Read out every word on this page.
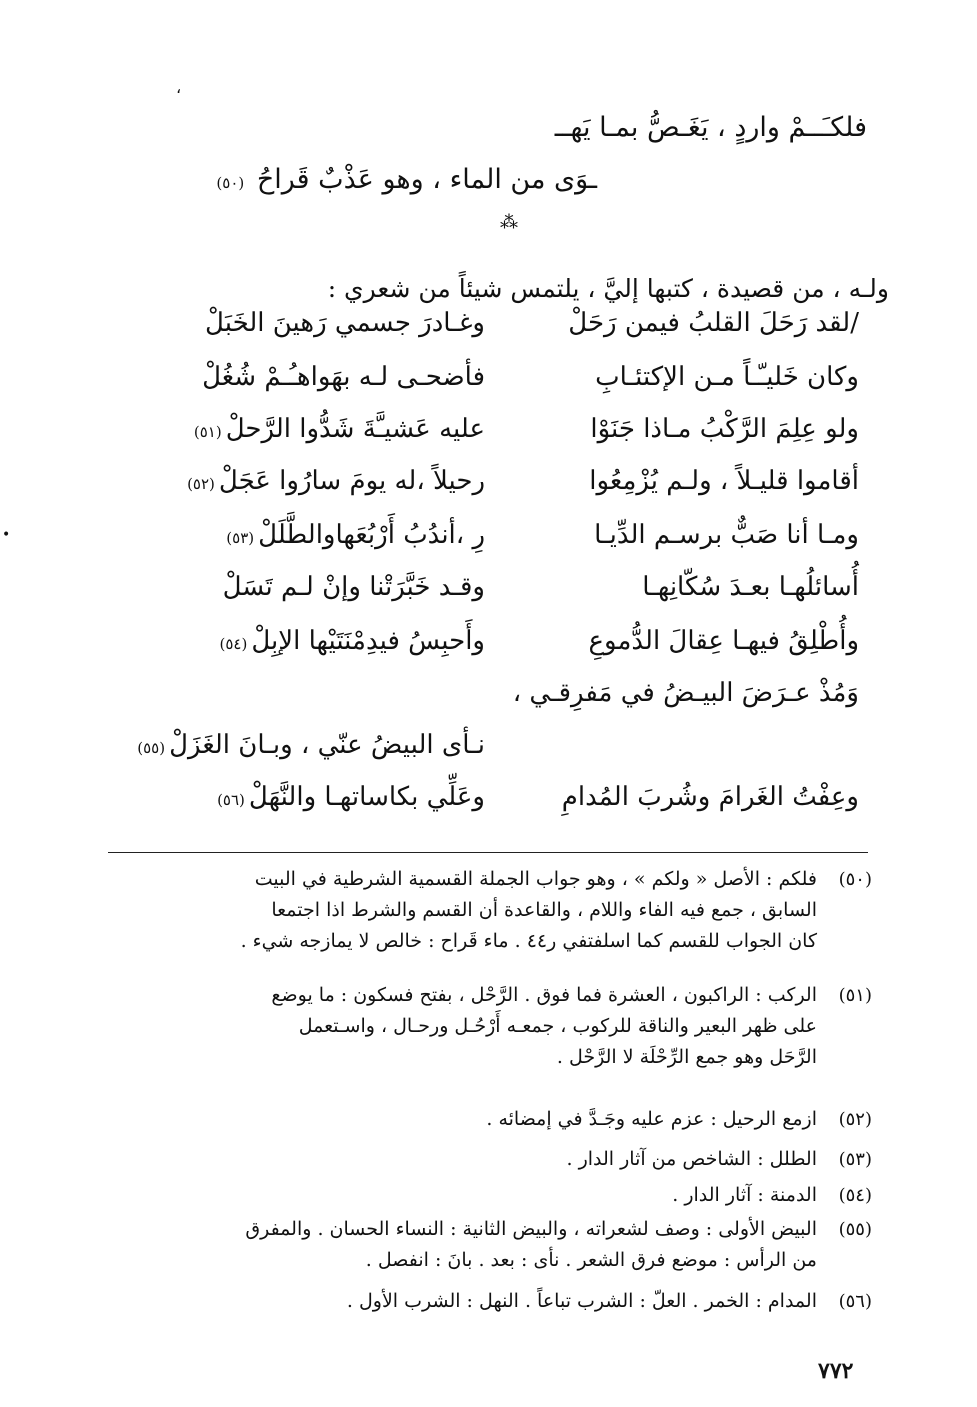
،
فلكـَــمْ واردٍ ، يَغَـصُّ بمـا يَهــ
ـوَى من الماء ، وهو عَذْبٌ قَراحُ (٥٠)
⁂
ولـه ، من قصيدة ، كتبها إليَّ ، يلتمس شيئاً من شعري :
/لقد رَحَلَ القلبُ فيمن رَحَلْ
وغـادرَ جسمي رَهينَ الخَبَلْ
وكان خَليـّـاً مـن الإكتئـابِ
فأضحـى لـه بهَواهـُـمْ شُغُلْ
ولو عِلِمَ الرَّكْبُ مـاذا جَنَوْا
عليه عَشيـَّةَ شَدُّوا الرَّحلْ(٥١)
أقاموا قليـلاً ، ولـم يُزْمِعُوا
رحيلاً ،له يومَ سارُوا عَجَلْ(٥٢)
ومـا أنا صَبٌّ برسـم الدِّيـا
رِ ،أندُبُ أَرْبُعَهاوالطَّلَلْ(٥٣)
أُسائلُهـا بعـدَ سُكّانِهـا
وقـد خَبَّرَتْنا وإنْ لـم تَسَلْ
وأُطْلِقُ فيهـا عِقالَ الدُّموعِ
وأَحبِسُ فيدِمْنَتَيْها الإبِلْ(٥٤)
وَمُذْ عـرَضَ البيـضُ في مَفرِقـي ،
نـأى البيضُ عنّي ، وبـانَ الغَزَلْ(٥٥)
وعِفْتُ الغَرامَ وشُربَ المُدامِ
وعَلِّي بكاساتهـا والنَّهَلْ(٥٦)
(٥٠)
فلكم : الأصل « ولكم » ، وهو جواب الجملة القسمية الشرطية في البيت
السابق ، جمع فيه الفاء واللام ، والقاعدة أن القسم والشرط اذا اجتمعا
كان الجواب للقسم كما اسلفتفي ر٤٤ . ماء قَراح : خالص لا يمازجه شيء .
(٥١)
الركب : الراكبون ، العشرة فما فوق . الرَّحْل ، بفتح فسكون : ما يوضع
على ظهر البعير والناقة للركوب ، جمعـه أَرْحُـل ورحـال ، واسـتعمل
الرَّحَل وهو جمع الرِّحْلَة لا الرَّحْل .
(٥٢)
ازمع الرحيل : عزم عليه وجَـدَّ في إمضائه .
(٥٣)
الطلل : الشاخص من آثار الدار .
(٥٤)
الدمنة : آثار الدار .
(٥٥)
البيض الأولى : وصف لشعراته ، والبيض الثانية : النساء الحسان . والمفرق
من الرأس : موضع فرق الشعر . نأى : بعد . بانَ : انفصل .
(٥٦)
المدام : الخمر . العلّ : الشرب تباعاً . النهل : الشرب الأول .
٧٧٢
•
